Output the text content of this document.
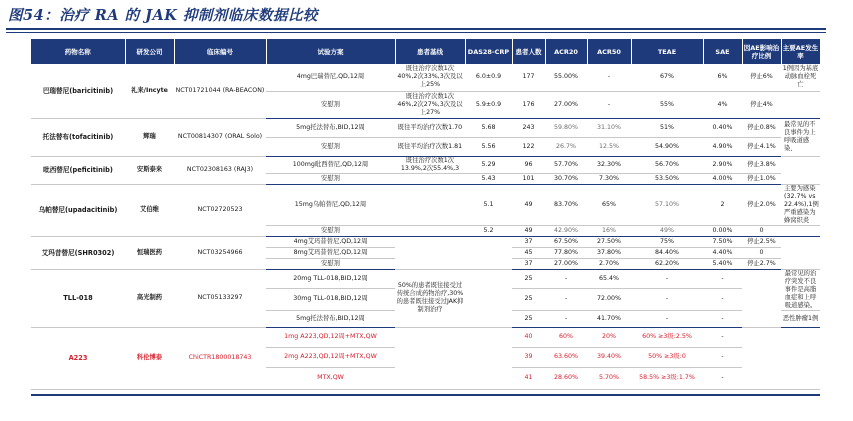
图54：治疗 RA 的 JAK 抑制剂临床数据比较
药物名称	研发公司	临床编号	试验方案	患者基线	DAS28-CRP	患者人数	ACR20	ACR50	TEAE	SAE	因AE影响治疗比例	主要AE发生率
巴瑞替尼(baricitinib)	礼来/Incyte	NCT01721044 (RA-BEACON)	4mg巴瑞替尼,QD,12周	既往治疗次数1次40%,2次33%,3次及以上25%	6.0±0.9	177	55.00%	-	67%	6%	停止6%	1例因为基底动脉血栓死亡
			安慰剂	既往治疗次数1次46%,2次27%,3次及以上27%	5.9±0.9	176	27.00%	-	55%	4%	停止4%	
托法替布(tofacitinib)	辉瑞	NCT00814307 (ORAL Solo)	5mg托法替布,BID,12周	既往平均治疗次数1.70	5.68	243	59.80%	31.10%	51%	0.40%	停止0.8%	最常见的不良事件为上呼吸道感染、
			安慰剂	既往平均治疗次数1.81	5.56	122	26.7%	12.5%	54.90%	4.90%	停止4.1%	
吡西替尼(peficitinib)	安斯泰来	NCT02308163 (RAJ3)	100mg吡西替尼,QD,12周	既往治疗次数1次13.9%,2次55.4%,3	5.29	96	57.70%	32.30%	56.70%	2.90%	停止3.8%	
			安慰剂		5.43	101	30.70%	7.30%	53.50%	4.00%	停止1.0%	
乌帕替尼(upadacitinib)	艾伯维	NCT02720523	15mg乌帕替尼,QD,12周		5.1	49	83.70%	65%	57.10%	2	停止2.0%	主要为感染(32.7% vs 22.4%),1例严重感染为蜂窝织炎
			安慰剂		5.2	49	42.90%	16%	49%	0.00%	0	
艾玛昔替尼(SHR0302)	恒瑞医药	NCT03254966	4mg艾玛昔替尼,QD,12周			37	67.50%	27.50%	75%	7.50%	停止2.5%	
			8mg艾玛昔替尼,QD,12周			45	77.80%	37.80%	84.40%	4.40%	0	
			安慰剂			37	27.00%	2.70%	62.20%	5.40%	停止2.7%	
TLL-018	高光制药	NCT05133297	20mg TLL-018,BID,12周	50%的患者既往接受过传统合成药物治疗,30%的患者既往接受过JAK抑制剂治疗		25	-	65.4%	-	-		最常见的治疗突发不良事件是高脂血症和上呼吸道感染。
			30mg TLL-018,BID,12周			25	-	72.00%	-	-		
			5mg托法替布,BID,12周			25	-	41.70%	-	-		恶性肿瘤1例
A223	科伦博泰	ChiCTR1800018743	1mg A223,QD,12周+MTX,QW			40	60%	20%	60% ≥3级:2.5%	-		
			2mg A223,QD,12周+MTX,QW			39	63.60%	39.40%	50% ≥3级:0	-		
			MTX,QW			41	28.60%	5.70%	58.5% ≥3级:1.7%	-		
